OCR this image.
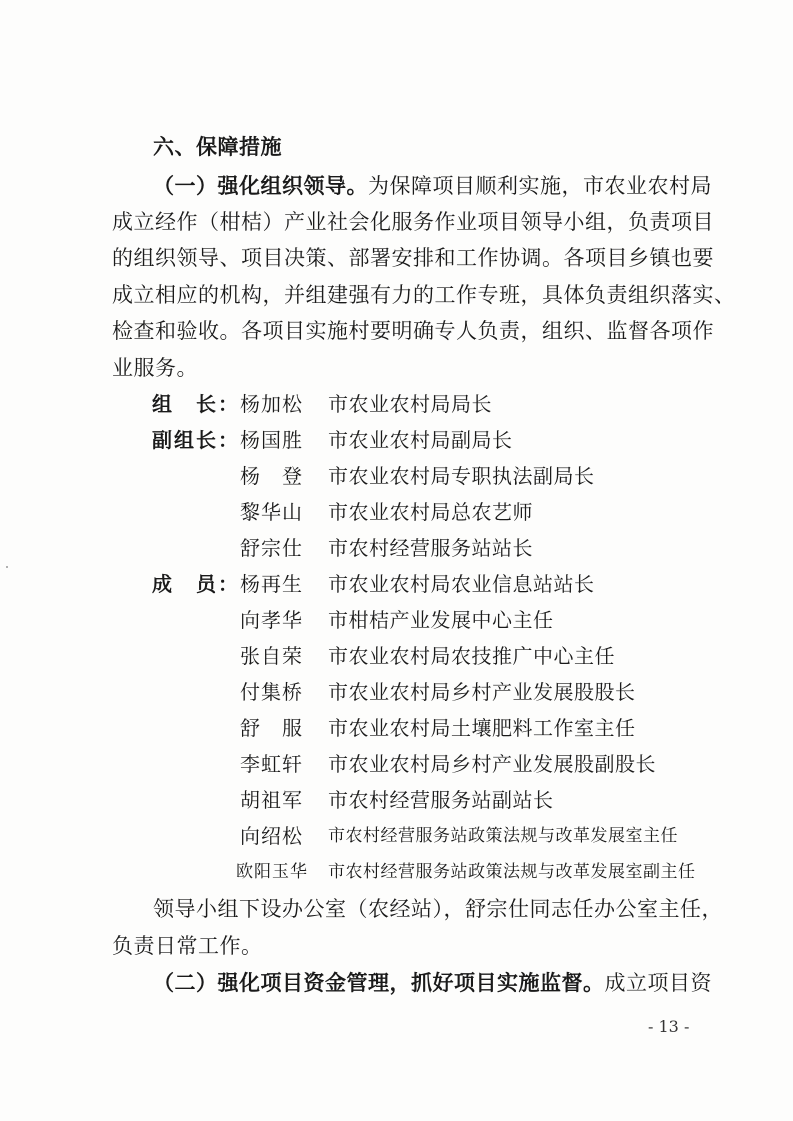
六、保障措施
（一）强化组织领导。为保障项目顺利实施，市农业农村局
成立经作（柑桔）产业社会化服务作业项目领导小组，负责项目
的组织领导、项目决策、部署安排和工作协调。各项目乡镇也要
成立相应的机构，并组建强有力的工作专班，具体负责组织落实、
检查和验收。各项目实施村要明确专人负责，组织、监督各项作
业服务。
组　长： 杨加松	市农业农村局局长
副组长： 杨国胜	市农业农村局副局长
杨　登	市农业农村局专职执法副局长
黎华山	市农业农村局总农艺师
舒宗仕	市农村经营服务站站长
成　员： 杨再生	市农业农村局农业信息站站长
向孝华	市柑桔产业发展中心主任
张自荣	市农业农村局农技推广中心主任
付集桥	市农业农村局乡村产业发展股股长
舒　服	市农业农村局土壤肥料工作室主任
李虹轩	市农业农村局乡村产业发展股副股长
胡祖军	市农村经营服务站副站长
向绍松	市农村经营服务站政策法规与改革发展室主任
欧阳玉华	市农村经营服务站政策法规与改革发展室副主任
领导小组下设办公室（农经站），舒宗仕同志任办公室主任，
负责日常工作。
（二）强化项目资金管理，抓好项目实施监督。成立项目资
- 13 -
